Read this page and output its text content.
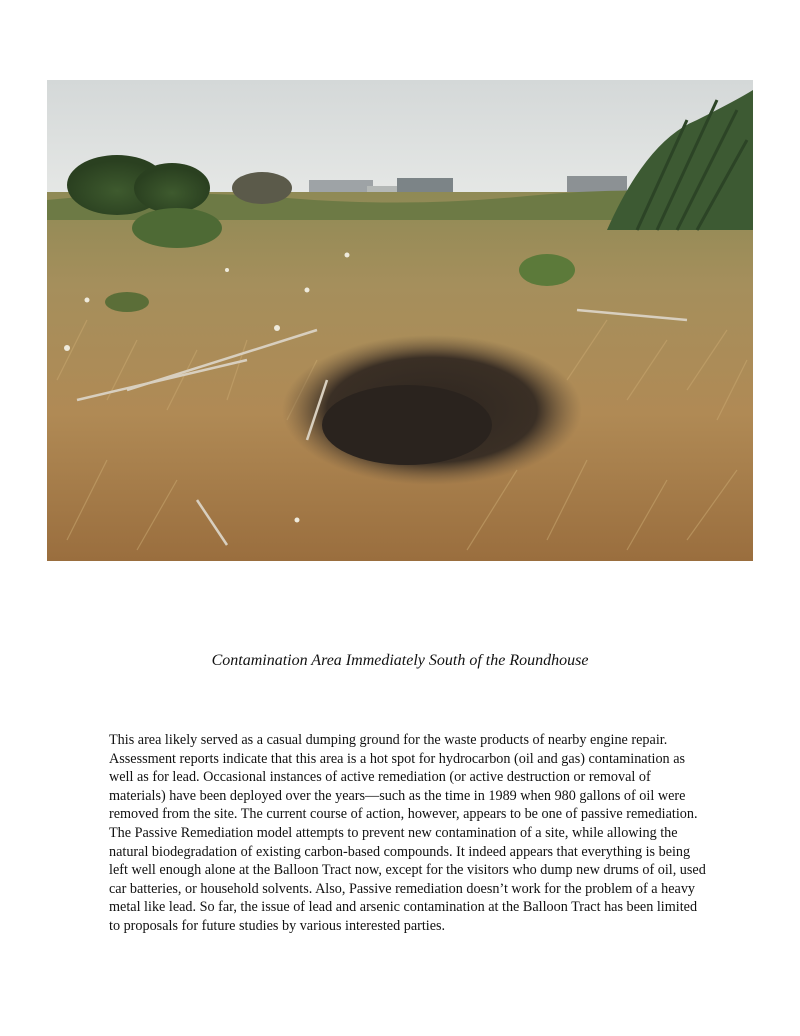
Contamination Area Immediately South of the Roundhouse

This area likely served as a casual dumping ground for the waste products of nearby engine repair. Assessment reports indicate that this area is a hot spot for hydrocarbon (oil and gas) contamination as well as for lead. Occasional instances of active remediation (or active destruction or removal of materials) have been deployed over the years—such as the time in 1989 when 980 gallons of oil were removed from the site. The current course of action, however, appears to be one of passive remediation. The Passive Remediation model attempts to prevent new contamination of a site, while allowing the natural biodegradation of existing carbon-based compounds. It indeed appears that everything is being left well enough alone at the Balloon Tract now, except for the visitors who dump new drums of oil, used car batteries, or household solvents. Also, Passive remediation doesn’t work for the problem of a heavy metal like lead. So far, the issue of lead and arsenic contamination at the Balloon Tract has been limited to proposals for future studies by various interested parties.
